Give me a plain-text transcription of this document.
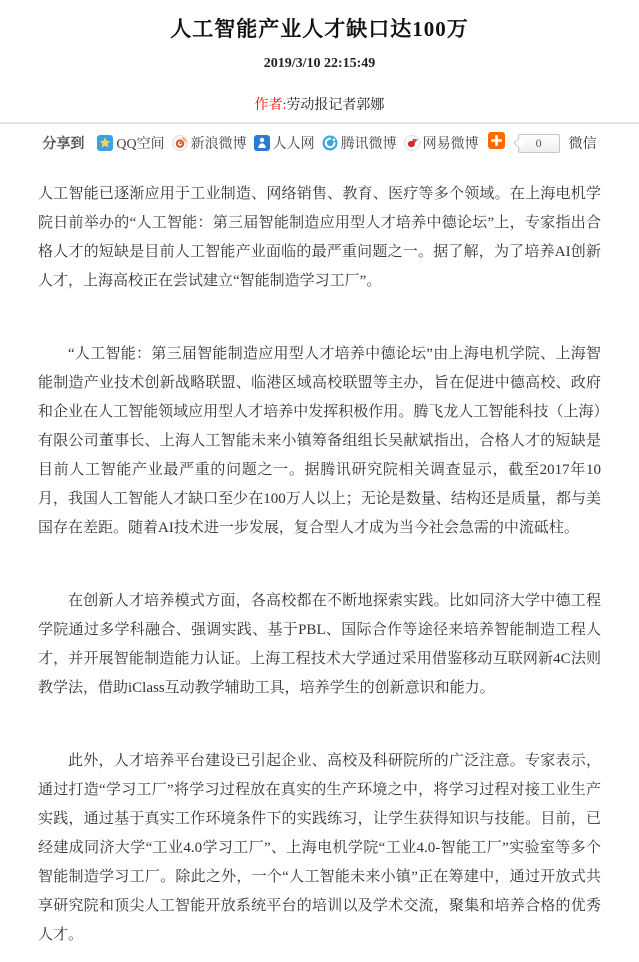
人工智能产业人才缺口达100万
2019/3/10 22:15:49
作者:劳动报记者郭娜
分享到 QQ空间 新浪微博 人人网 腾讯微博 网易微博	0 微信

人工智能已逐渐应用于工业制造、网络销售、教育、医疗等多个领域。在上海电机学院日前举办的“人工智能：第三届智能制造应用型人才培养中德论坛”上，专家指出合格人才的短缺是目前人工智能产业面临的最严重问题之一。据了解，为了培养AI创新人才，上海高校正在尝试建立“智能制造学习工厂”。

“人工智能：第三届智能制造应用型人才培养中德论坛”由上海电机学院、上海智能制造产业技术创新战略联盟、临港区域高校联盟等主办，旨在促进中德高校、政府和企业在人工智能领域应用型人才培养中发挥积极作用。腾飞龙人工智能科技（上海）有限公司董事长、上海人工智能未来小镇筹备组组长吴献斌指出，合格人才的短缺是目前人工智能产业最严重的问题之一。据腾讯研究院相关调查显示，截至2017年10月，我国人工智能人才缺口至少在100万人以上；无论是数量、结构还是质量，都与美国存在差距。随着AI技术进一步发展，复合型人才成为当今社会急需的中流砥柱。

在创新人才培养模式方面，各高校都在不断地探索实践。比如同济大学中德工程学院通过多学科融合、强调实践、基于PBL、国际合作等途径来培养智能制造工程人才，并开展智能制造能力认证。上海工程技术大学通过采用借鉴移动互联网新4C法则教学法，借助iClass互动教学辅助工具，培养学生的创新意识和能力。

此外，人才培养平台建设已引起企业、高校及科研院所的广泛注意。专家表示，通过打造“学习工厂”将学习过程放在真实的生产环境之中，将学习过程对接工业生产实践，通过基于真实工作环境条件下的实践练习，让学生获得知识与技能。目前，已经建成同济大学“工业4.0学习工厂”、上海电机学院“工业4.0-智能工厂”实验室等多个智能制造学习工厂。除此之外，一个“人工智能未来小镇”正在筹建中，通过开放式共享研究院和顶尖人工智能开放系统平台的培训以及学术交流，聚集和培养合格的优秀人才。
